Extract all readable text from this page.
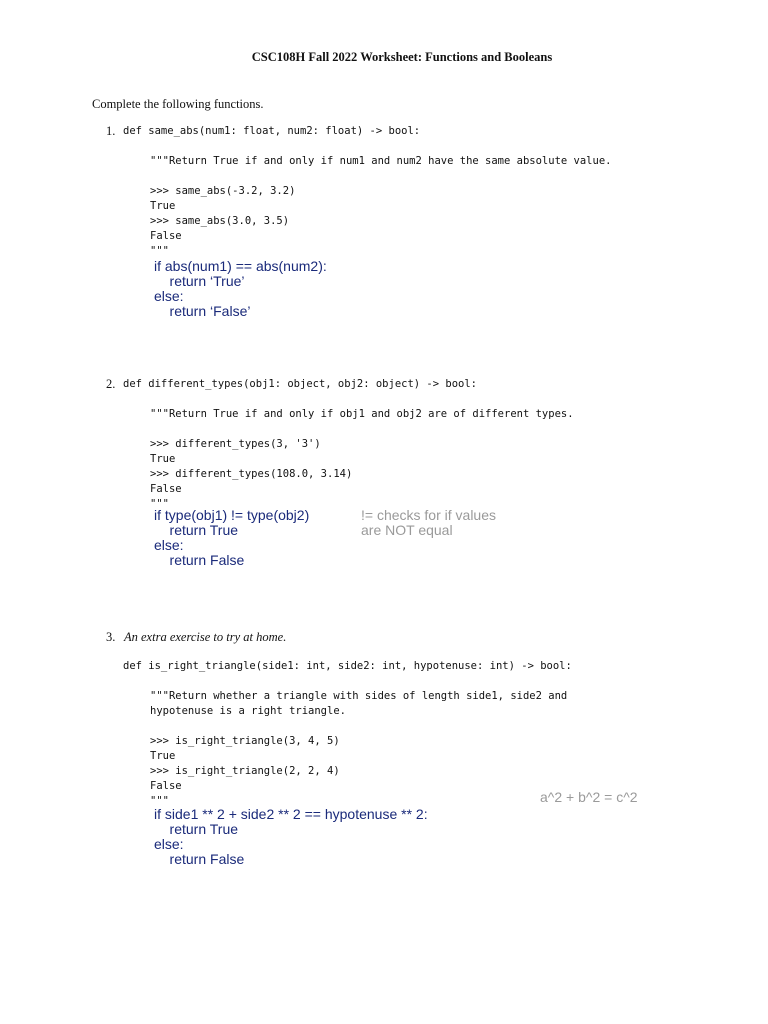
CSC108H Fall 2022 Worksheet: Functions and Booleans
Complete the following functions.
1. def same_abs(num1: float, num2: float) -> bool:

"""Return True if and only if num1 and num2 have the same absolute value.
>>> same_abs(-3.2, 3.2)
True
>>> same_abs(3.0, 3.5)
False
"""

if abs(num1) == abs(num2):
return ‘True’
else:
return ‘False’

2. def different_types(obj1: object, obj2: object) -> bool:

"""Return True if and only if obj1 and obj2 are of different types.
>>> different_types(3, '3')
True
>>> different_types(108.0, 3.14)
False
"""

if type(obj1) != type(obj2)
return True
else:
return False

!= checks for if values
are NOT equal

3. An extra exercise to try at home.
def is_right_triangle(side1: int, side2: int, hypotenuse: int) -> bool:

"""Return whether a triangle with sides of length side1, side2 and
hypotenuse is a right triangle.
>>> is_right_triangle(3, 4, 5)
True
>>> is_right_triangle(2, 2, 4)
False
"""

if side1 ** 2 + side2 ** 2 == hypotenuse ** 2:
return True
else:
return False

a^2 + b^2 = c^2
